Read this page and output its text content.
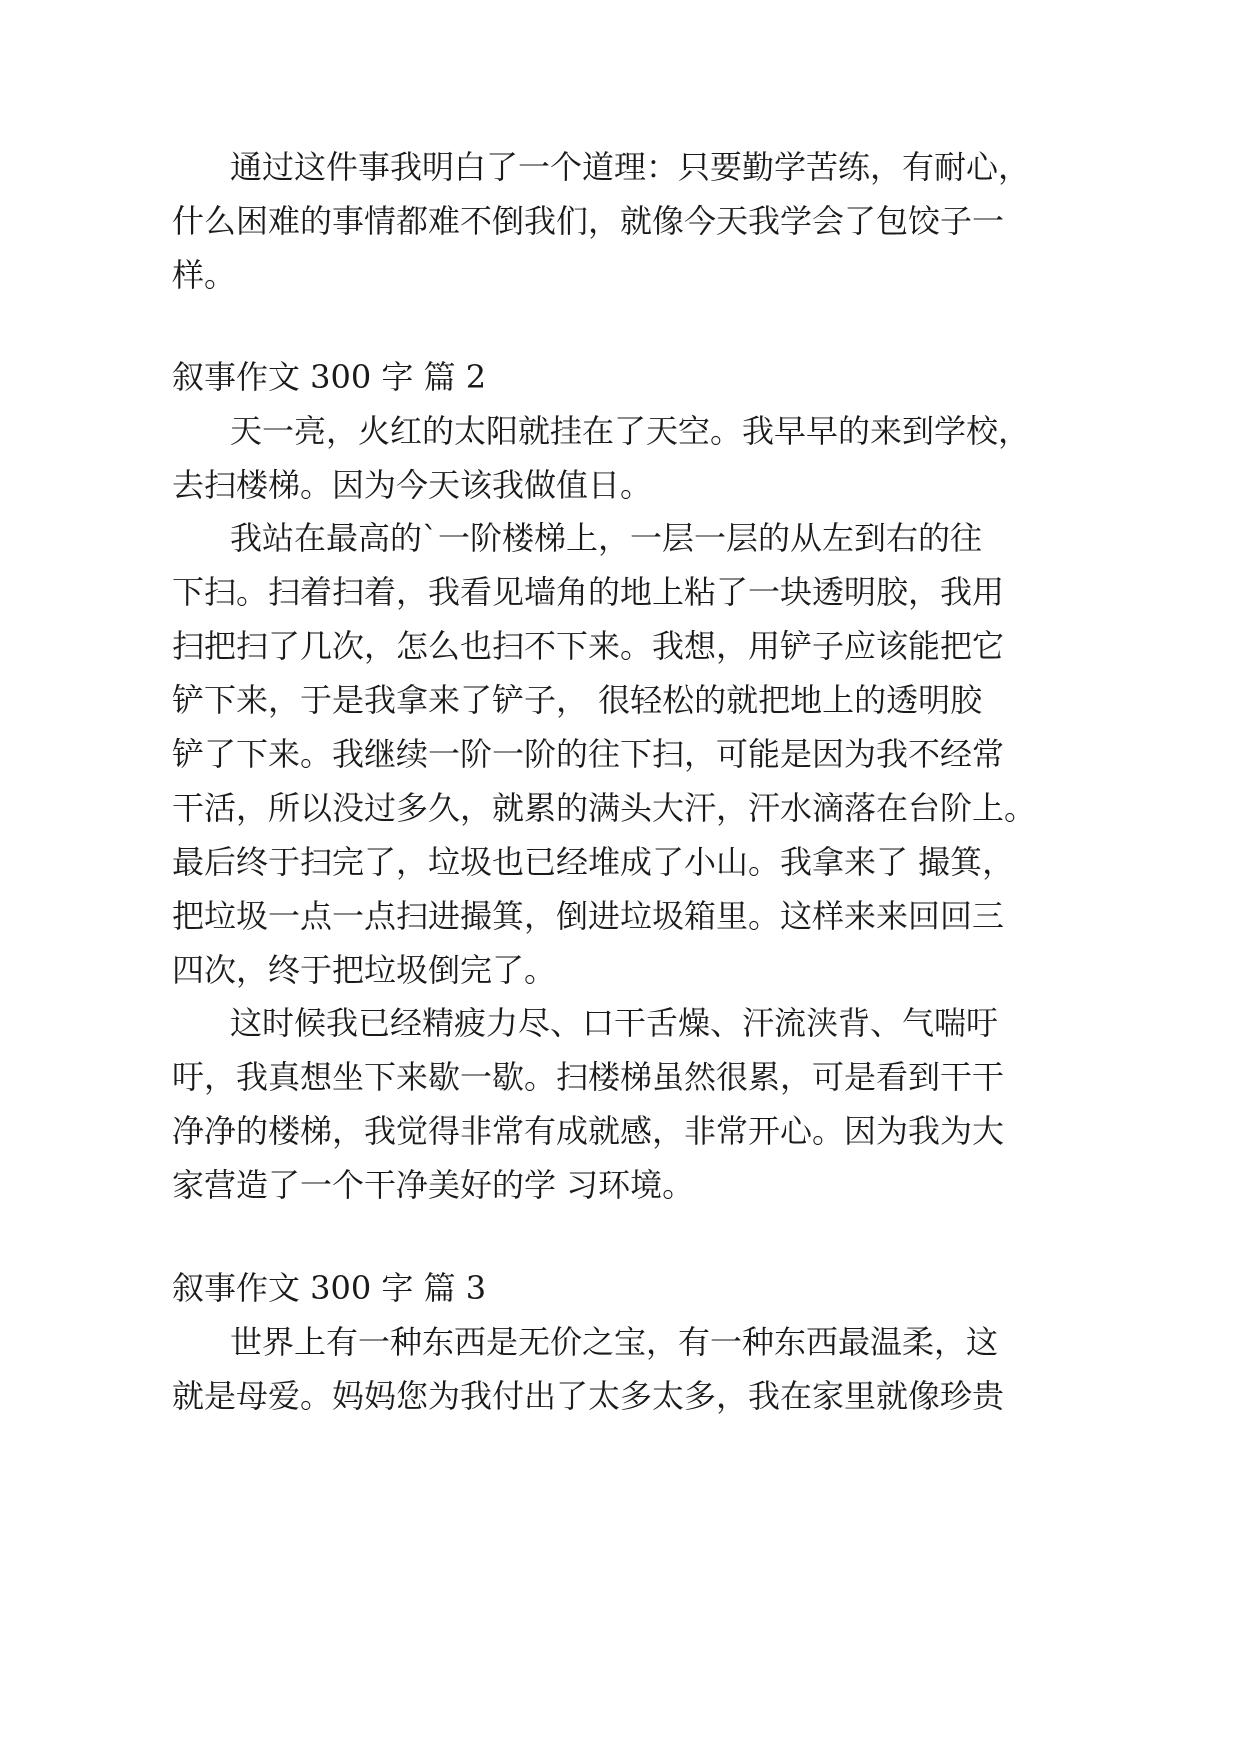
通过这件事我明白了一个道理：只要勤学苦练，有耐心，
什么困难的事情都难不倒我们，就像今天我学会了包饺子一
样。
叙事作文 300 字 篇 2
天一亮，火红的太阳就挂在了天空。我早早的来到学校，
去扫楼梯。因为今天该我做值日。
我站在最高的`一阶楼梯上，一层一层的从左到右的往
下扫。扫着扫着，我看见墙角的地上粘了一块透明胶，我用
扫把扫了几次，怎么也扫不下来。我想，用铲子应该能把它
铲下来，于是我拿来了铲子， 很轻松的就把地上的透明胶
铲了下来。我继续一阶一阶的往下扫，可能是因为我不经常
干活，所以没过多久，就累的满头大汗，汗水滴落在台阶上。
最后终于扫完了，垃圾也已经堆成了小山。我拿来了 撮箕，
把垃圾一点一点扫进撮箕，倒进垃圾箱里。这样来来回回三
四次，终于把垃圾倒完了。
这时候我已经精疲力尽、口干舌燥、汗流浃背、气喘吁
吁，我真想坐下来歇一歇。扫楼梯虽然很累，可是看到干干
净净的楼梯，我觉得非常有成就感，非常开心。因为我为大
家营造了一个干净美好的学 习环境。
叙事作文 300 字 篇 3
世界上有一种东西是无价之宝，有一种东西最温柔，这
就是母爱。妈妈您为我付出了太多太多，我在家里就像珍贵
